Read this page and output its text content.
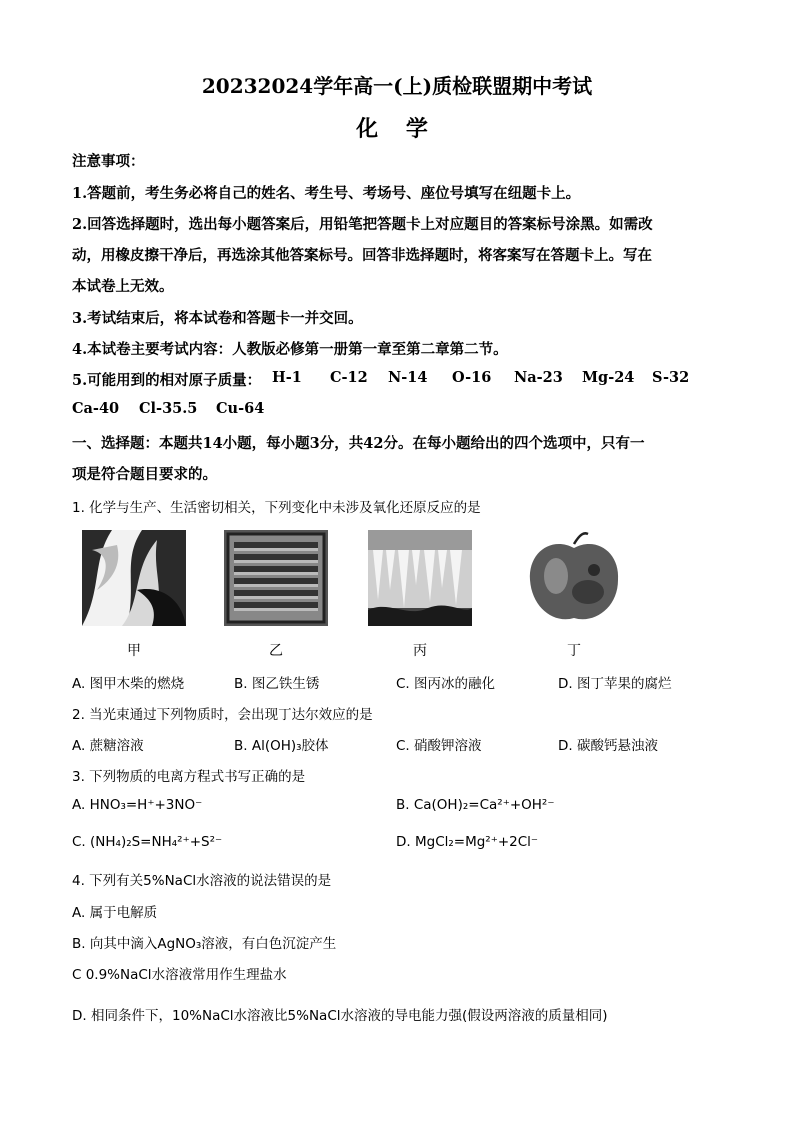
20232024学年高一(上)质检联盟期中考试
化 学
注意事项：
1.答题前，考生务必将自己的姓名、考生号、考场号、座位号填写在纽题卡上。
2.回答选择题时，选出每小题答案后，用铅笔把答题卡上对应题目的答案标号涂黑。如需改
动，用橡皮擦干净后，再选涂其他答案标号。回答非选择题时，将客案写在答题卡上。写在
本试卷上无效。
3.考试结束后，将本试卷和答题卡一并交回。
4.本试卷主要考试内容：人教版必修第一册第一章至第二章第二节。
5.可能用到的相对原子质量： H-1	C-12	N-14	O-16	Na-23	Mg-24	S-32
Ca-40	Cl-35.5	Cu-64
一、选择题：本题共14小题，每小题3分，共42分。在每小题给出的四个选项中，只有一
项是符合题目要求的。
1. 化学与生产、生活密切相关，下列变化中未涉及氧化还原反应的是
甲	乙	丙	丁
A. 图甲木柴的燃烧	B. 图乙铁生锈	C. 图丙冰的融化	D. 图丁苹果的腐烂
2. 当光束通过下列物质时，会出现丁达尔效应的是
A. 蔗糖溶液	B. Al(OH)₃胶体	C. 硝酸钾溶液	D. 碳酸钙悬浊液
3. 下列物质的电离方程式书写正确的是
A. HNO₃=H⁺+3NO⁻	B. Ca(OH)₂=Ca²⁺+OH²⁻
C. (NH₄)₂S=NH₄²⁺+S²⁻	D. MgCl₂=Mg²⁺+2Cl⁻
4. 下列有关5%NaCl水溶液的说法错误的是
A. 属于电解质
B. 向其中滴入AgNO₃溶液，有白色沉淀产生
C 0.9%NaCl水溶液常用作生理盐水
D. 相同条件下，10%NaCl水溶液比5%NaCl水溶液的导电能力强(假设两溶液的质量相同)
